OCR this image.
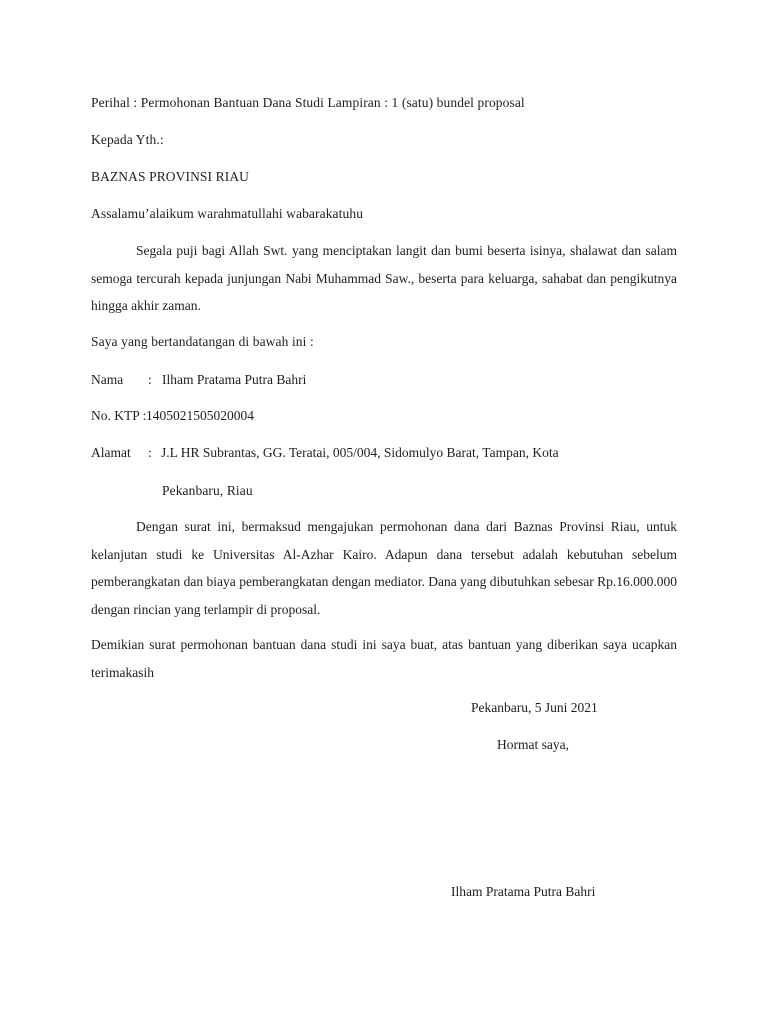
Perihal : Permohonan Bantuan Dana Studi Lampiran : 1 (satu) bundel proposal
Kepada Yth.:
BAZNAS PROVINSI RIAU
Assalamu’alaikum warahmatullahi wabarakatuhu
Segala puji bagi Allah Swt. yang menciptakan langit dan bumi beserta isinya, shalawat dan salam semoga tercurah kepada junjungan Nabi Muhammad Saw., beserta para keluarga, sahabat dan pengikutnya hingga akhir zaman.
Saya yang bertandatangan di bawah ini :
Nama : Ilham Pratama Putra Bahri
No. KTP :1405021505020004
Alamat : J.L HR Subrantas, GG. Teratai, 005/004, Sidomulyo Barat, Tampan, Kota
Pekanbaru, Riau
Dengan surat ini, bermaksud mengajukan permohonan dana dari Baznas Provinsi Riau, untuk kelanjutan studi ke Universitas Al-Azhar Kairo. Adapun dana tersebut adalah kebutuhan sebelum pemberangkatan dan biaya pemberangkatan dengan mediator. Dana yang dibutuhkan sebesar Rp.16.000.000 dengan rincian yang terlampir di proposal.
Demikian surat permohonan bantuan dana studi ini saya buat, atas bantuan yang diberikan saya ucapkan terimakasih
Pekanbaru, 5 Juni 2021
Hormat saya,
Ilham Pratama Putra Bahri
